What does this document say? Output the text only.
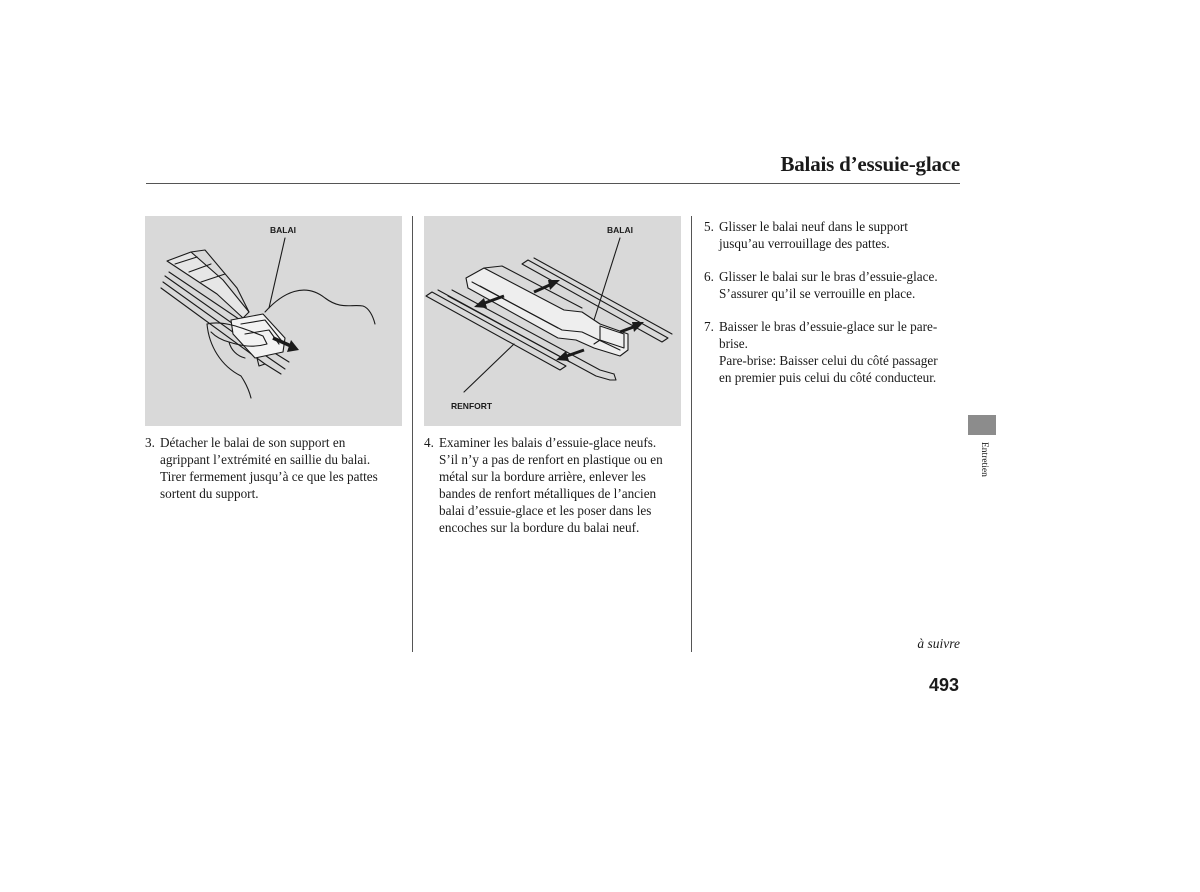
Balais d’essuie-glace
BALAI	BALAI
RENFORT
3. Détacher le balai de son support en
agrippant l’extrémité en saillie du balai.
Tirer fermement jusqu’à ce que les pattes
sortent du support.
4. Examiner les balais d’essuie-glace neufs.
S’il n’y a pas de renfort en plastique ou en
métal sur la bordure arrière, enlever les
bandes de renfort métalliques de l’ancien
balai d’essuie-glace et les poser dans les
encoches sur la bordure du balai neuf.
5. Glisser le balai neuf dans le support
jusqu’au verrouillage des pattes.
6. Glisser le balai sur le bras d’essuie-glace.
S’assurer qu’il se verrouille en place.
7. Baisser le bras d’essuie-glace sur le pare-
brise.
Pare-brise: Baisser celui du côté passager
en premier puis celui du côté conducteur.
Entretien
à suivre
493
